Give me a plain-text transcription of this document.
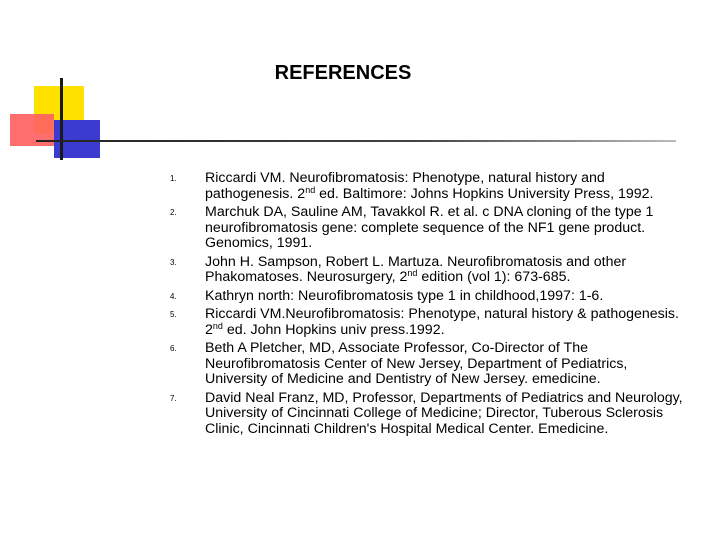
REFERENCES
1. Riccardi VM. Neurofibromatosis: Phenotype, natural history and pathogenesis. 2nd ed. Baltimore: Johns Hopkins University Press, 1992.
2. Marchuk DA, Sauline AM, Tavakkol R. et al. c DNA cloning of the type 1 neurofibromatosis gene: complete sequence of the NF1 gene product. Genomics, 1991.
3. John H. Sampson, Robert L. Martuza. Neurofibromatosis and other Phakomatoses. Neurosurgery, 2nd edition (vol 1): 673-685.
4. Kathryn north: Neurofibromatosis type 1 in childhood,1997: 1-6.
5. Riccardi VM.Neurofibromatosis: Phenotype, natural history & pathogenesis. 2nd ed. John Hopkins univ press.1992.
6. Beth A Pletcher, MD, Associate Professor, Co-Director of The Neurofibromatosis Center of New Jersey, Department of Pediatrics, University of Medicine and Dentistry of New Jersey. emedicine.
7. David Neal Franz, MD, Professor, Departments of Pediatrics and Neurology, University of Cincinnati College of Medicine; Director, Tuberous Sclerosis Clinic, Cincinnati Children's Hospital Medical Center. Emedicine.
